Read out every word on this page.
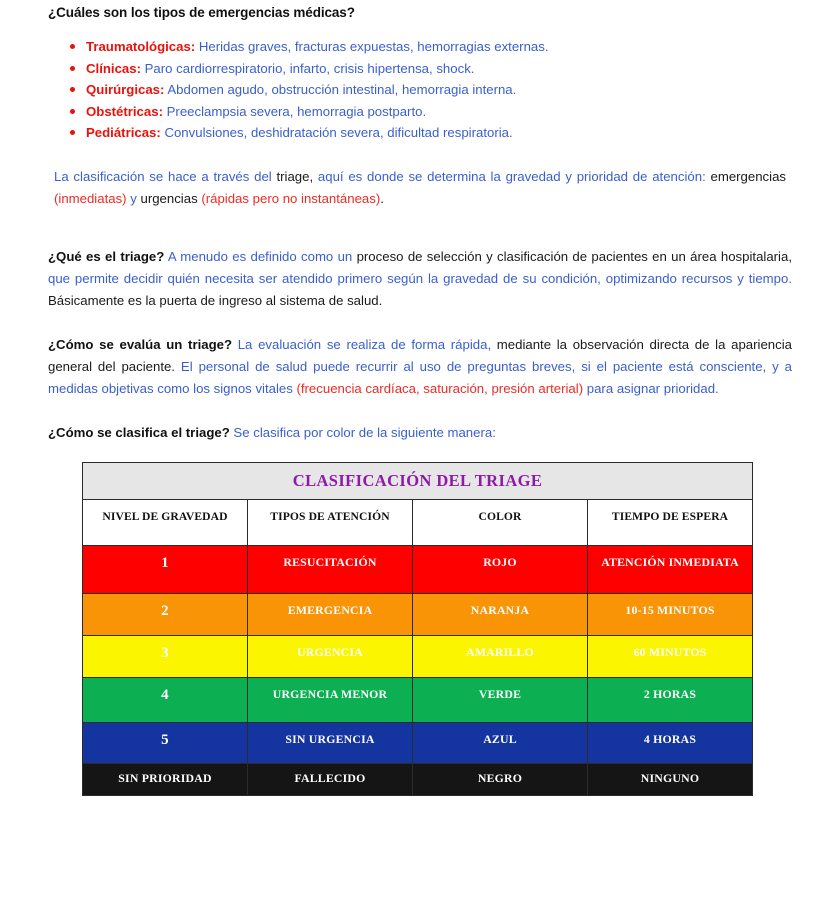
¿Cuáles son los tipos de emergencias médicas?
Traumatológicas: Heridas graves, fracturas expuestas, hemorragias externas.
Clínicas: Paro cardiorrespiratorio, infarto, crisis hipertensa, shock.
Quirúrgicas: Abdomen agudo, obstrucción intestinal, hemorragia interna.
Obstétricas: Preeclampsia severa, hemorragia postparto.
Pediátricas: Convulsiones, deshidratación severa, dificultad respiratoria.

La clasificación se hace a través del triage, aquí es donde se determina la gravedad y prioridad de atención: emergencias (inmediatas) y urgencias (rápidas pero no instantáneas).

¿Qué es el triage? A menudo es definido como un proceso de selección y clasificación de pacientes en un área hospitalaria, que permite decidir quién necesita ser atendido primero según la gravedad de su condición, optimizando recursos y tiempo. Básicamente es la puerta de ingreso al sistema de salud.

¿Cómo se evalúa un triage? La evaluación se realiza de forma rápida, mediante la observación directa de la apariencia general del paciente. El personal de salud puede recurrir al uso de preguntas breves, si el paciente está consciente, y a medidas objetivas como los signos vitales (frecuencia cardíaca, saturación, presión arterial) para asignar prioridad.

¿Cómo se clasifica el triage? Se clasifica por color de la siguiente manera:

CLASIFICACIÓN DEL TRIAGE			

NIVEL DE GRAVEDAD	TIPOS DE ATENCIÓN	COLOR	TIEMPO DE ESPERA

1	RESUCITACIÓN	ROJO	ATENCIÓN INMEDIATA

2	EMERGENCIA	NARANJA	10-15 MINUTOS

3	URGENCIA	AMARILLO	60 MINUTOS

4	URGENCIA MENOR	VERDE	2 HORAS

5	SIN URGENCIA	AZUL	4 HORAS

SIN PRIORIDAD	FALLECIDO	NEGRO	NINGUNO
